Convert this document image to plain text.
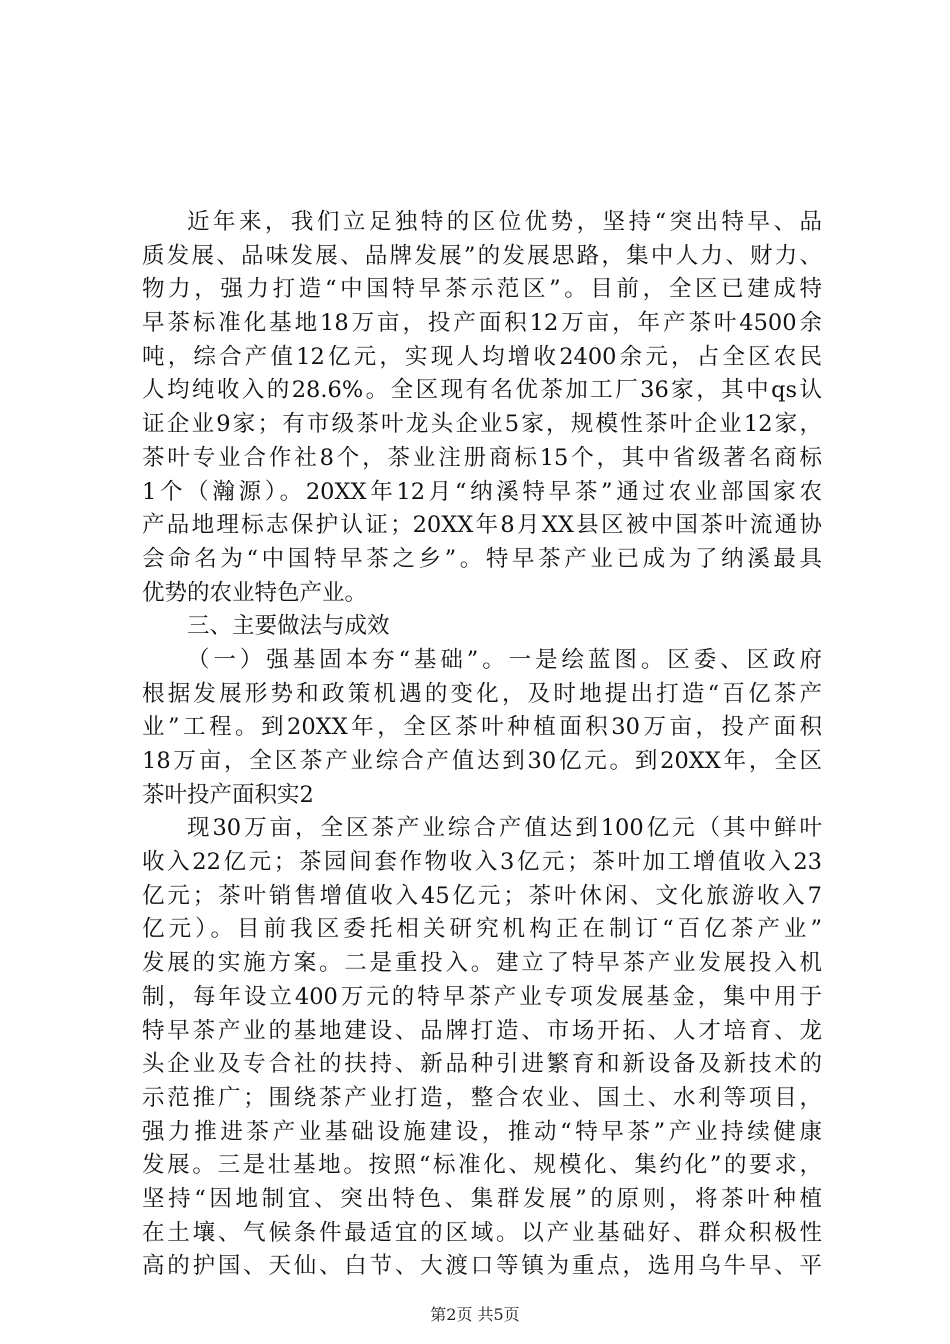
近年来，我们立足独特的区位优势，坚持“突出特早、品
质发展、品味发展、品牌发展”的发展思路，集中人力、财力、
物力，强力打造“中国特早茶示范区”。目前，全区已建成特
早茶标准化基地18万亩，投产面积12万亩，年产茶叶4500余
吨，综合产值12亿元，实现人均增收2400余元，占全区农民
人均纯收入的28.6%。全区现有名优茶加工厂36家，其中qs认
证企业9家；有市级茶叶龙头企业5家，规模性茶叶企业12家，
茶叶专业合作社8个，茶业注册商标15个，其中省级著名商标
1个（瀚源）。20XX年12月“纳溪特早茶”通过农业部国家农
产品地理标志保护认证；20XX年8月XX县区被中国茶叶流通协
会命名为“中国特早茶之乡”。特早茶产业已成为了纳溪最具
优势的农业特色产业。
三、主要做法与成效
（一）强基固本夯“基础”。一是绘蓝图。区委、区政府
根据发展形势和政策机遇的变化，及时地提出打造“百亿茶产
业”工程。到20XX年，全区茶叶种植面积30万亩，投产面积
18万亩，全区茶产业综合产值达到30亿元。到20XX年，全区
茶叶投产面积实2
现30万亩，全区茶产业综合产值达到100亿元（其中鲜叶
收入22亿元；茶园间套作物收入3亿元；茶叶加工增值收入23
亿元；茶叶销售增值收入45亿元；茶叶休闲、文化旅游收入7
亿元）。目前我区委托相关研究机构正在制订“百亿茶产业”
发展的实施方案。二是重投入。建立了特早茶产业发展投入机
制，每年设立400万元的特早茶产业专项发展基金，集中用于
特早茶产业的基地建设、品牌打造、市场开拓、人才培育、龙
头企业及专合社的扶持、新品种引进繁育和新设备及新技术的
示范推广；围绕茶产业打造，整合农业、国土、水利等项目，
强力推进茶产业基础设施建设，推动“特早茶”产业持续健康
发展。三是壮基地。按照“标准化、规模化、集约化”的要求，
坚持“因地制宜、突出特色、集群发展”的原则，将茶叶种植
在土壤、气候条件最适宜的区域。以产业基础好、群众积极性
高的护国、天仙、白节、大渡口等镇为重点，选用乌牛早、平
第2页 共5页
